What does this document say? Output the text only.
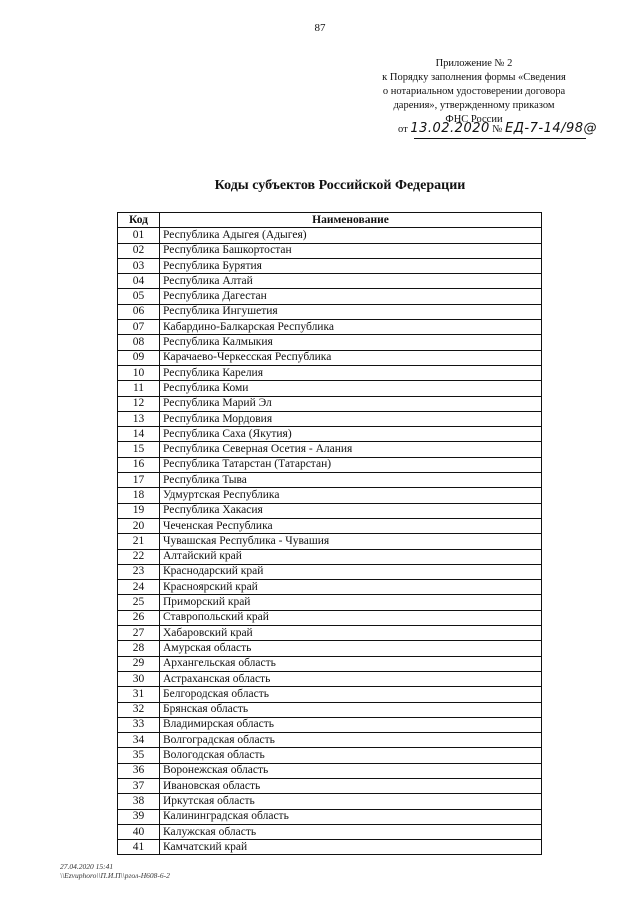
87
Приложение № 2
к Порядку заполнения формы «Сведения
о нотариальном удостоверении договора
дарения», утвержденному приказом
ФНС России
от 13.02.2020 № ЕД-7-14/98@
Коды субъектов Российской Федерации
Код	Наименование
01	Республика Адыгея (Адыгея)
02	Республика Башкортостан
03	Республика Бурятия
04	Республика Алтай
05	Республика Дагестан
06	Республика Ингушетия
07	Кабардино-Балкарская Республика
08	Республика Калмыкия
09	Карачаево-Черкесская Республика
10	Республика Карелия
11	Республика Коми
12	Республика Марий Эл
13	Республика Мордовия
14	Республика Саха (Якутия)
15	Республика Северная Осетия - Алания
16	Республика Татарстан (Татарстан)
17	Республика Тыва
18	Удмуртская Республика
19	Республика Хакасия
20	Чеченская Республика
21	Чувашская Республика - Чувашия
22	Алтайский край
23	Краснодарский край
24	Красноярский край
25	Приморский край
26	Ставропольский край
27	Хабаровский край
28	Амурская область
29	Архангельская область
30	Астраханская область
31	Белгородская область
32	Брянская область
33	Владимирская область
34	Волгоградская область
35	Вологодская область
36	Воронежская область
37	Ивановская область
38	Иркутская область
39	Калининградская область
40	Калужская область
41	Камчатский край
27.04.2020 15:41
\\Ezvuphoro\\П.И.П\\ргол-Н608-6-2
